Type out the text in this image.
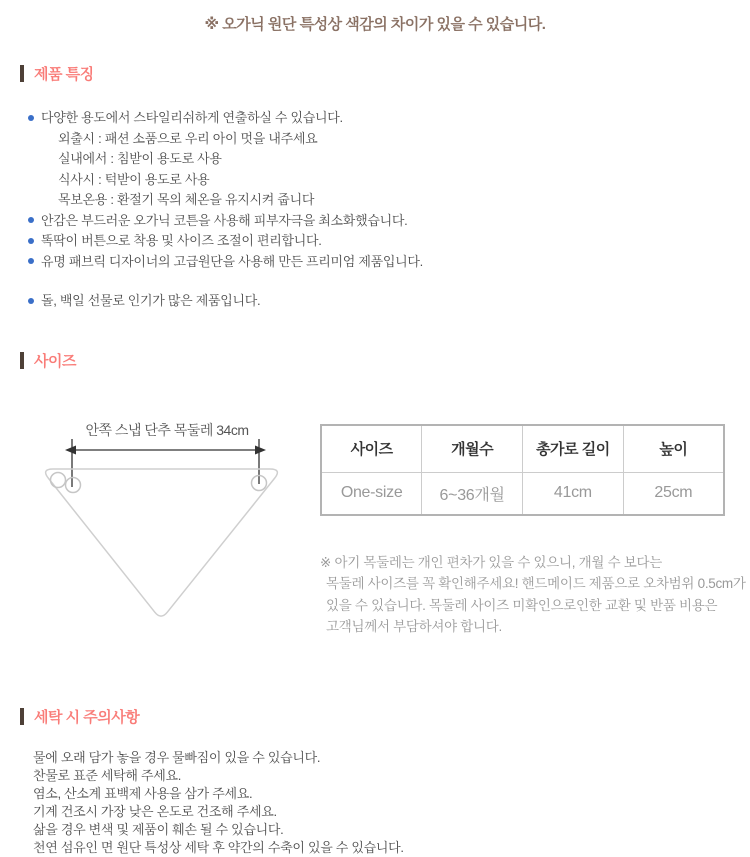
※ 오가닉 원단 특성상 색감의 차이가 있을 수 있습니다.
제품 특징
다양한 용도에서 스타일리쉬하게 연출하실 수 있습니다.
외출시 : 패션 소품으로 우리 아이 멋을 내주세요
실내에서 : 침받이 용도로 사용
식사시 : 턱받이 용도로 사용
목보온용 : 환절기 목의 체온을 유지시켜 줍니다
안감은 부드러운 오가닉 코튼을 사용해 피부자극을 최소화했습니다.
똑딱이 버튼으로 착용 및 사이즈 조절이 편리합니다.
유명 패브릭 디자이너의 고급원단을 사용해 만든 프리미엄 제품입니다.
돌, 백일 선물로 인기가 많은 제품입니다.
사이즈
안쪽 스냅 단추 목둘레 34cm
사이즈	개월수	총가로 길이	높이
One-size	6~36개월	41cm	25cm
※ 아기 목둘레는 개인 편차가 있을 수 있으니, 개월 수 보다는
목둘레 사이즈를 꼭 확인해주세요! 핸드메이드 제품으로 오차범위 0.5cm가
있을 수 있습니다. 목둘레 사이즈 미확인으로인한 교환 및 반품 비용은
고객님께서 부담하셔야 합니다.
세탁 시 주의사항
물에 오래 담가 놓을 경우 물빠짐이 있을 수 있습니다.
찬물로 표준 세탁해 주세요.
염소, 산소계 표백제 사용을 삼가 주세요.
기계 건조시 가장 낮은 온도로 건조해 주세요.
삶을 경우 변색 및 제품이 훼손 될 수 있습니다.
천연 섬유인 면 원단 특성상 세탁 후 약간의 수축이 있을 수 있습니다.
